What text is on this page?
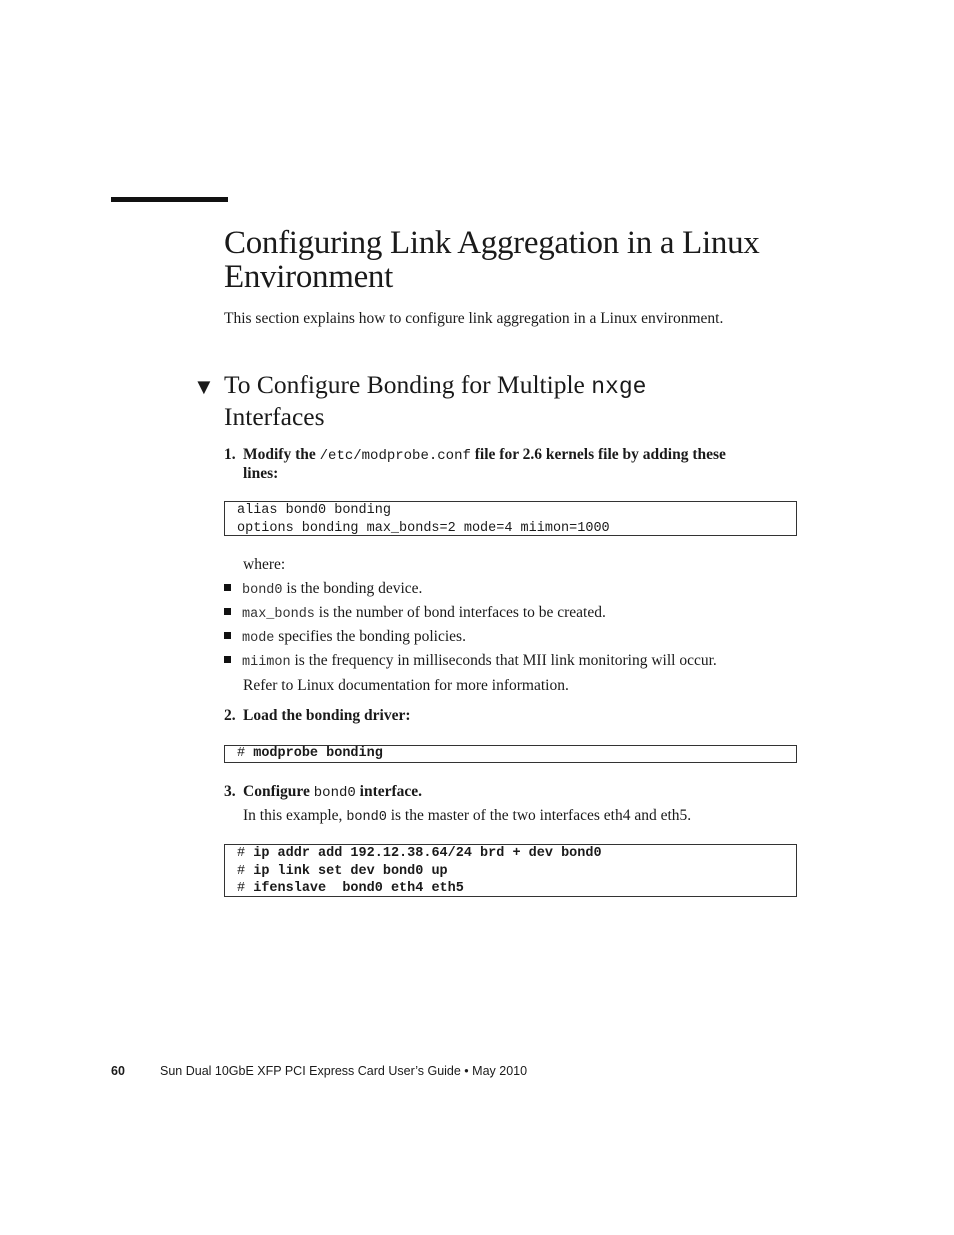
Configuring Link Aggregation in a Linux Environment

This section explains how to configure link aggregation in a Linux environment.

▼ To Configure Bonding for Multiple nxge
Interfaces

1. Modify the /etc/modprobe.conf file for 2.6 kernels file by adding these
lines:

alias bond0 bonding
options bonding max_bonds=2 mode=4 miimon=1000

where:

bond0 is the bonding device.

max_bonds is the number of bond interfaces to be created.

mode specifies the bonding policies.

miimon is the frequency in milliseconds that MII link monitoring will occur.

Refer to Linux documentation for more information.

2. Load the bonding driver:

# modprobe bonding

3. Configure bond0 interface.

In this example, bond0 is the master of the two interfaces eth4 and eth5.

# ip addr add 192.12.38.64/24 brd + dev bond0
# ip link set dev bond0 up
# ifenslave  bond0 eth4 eth5

60	Sun Dual 10GbE XFP PCI Express Card User’s Guide • May 2010
